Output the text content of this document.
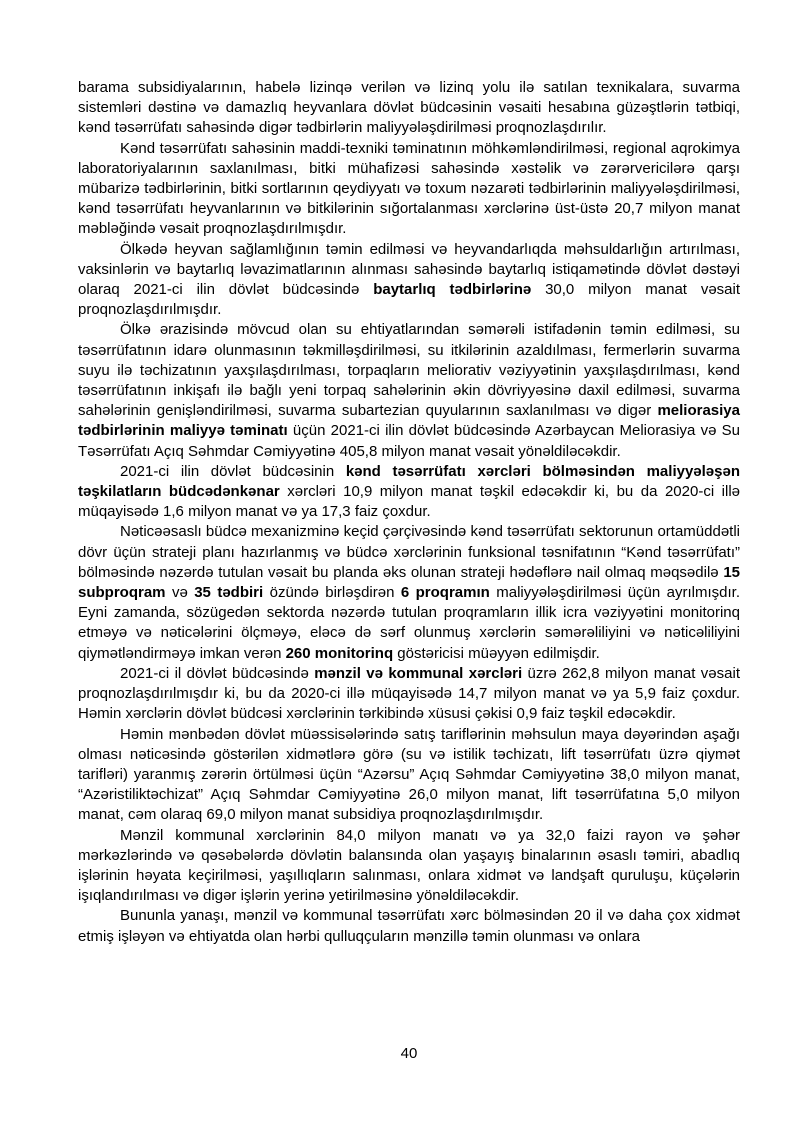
barama subsidiyalarının, habelə lizinqə verilən və lizinq yolu ilə satılan texnikalara, suvarma sistemləri dəstinə və damazlıq heyvanlara dövlət büdcəsinin vəsaiti hesabına güzəştlərin tətbiqi, kənd təsərrüfatı sahəsində digər tədbirlərin maliyyələşdirilməsi proqnozlaşdırılır.

Kənd təsərrüfatı sahəsinin maddi-texniki təminatının möhkəmləndirilməsi, regional aqrokimya laboratoriyalarının saxlanılması, bitki mühafizəsi sahəsində xəstəlik və zərərvericilərə qarşı mübarizə tədbirlərinin, bitki sortlarının qeydiyyatı və toxum nəzarəti tədbirlərinin maliyyələşdirilməsi, kənd təsərrüfatı heyvanlarının və bitkilərinin sığortalanması xərclərinə üst-üstə 20,7 milyon manat məbləğində vəsait proqnozlaşdırılmışdır.

Ölkədə heyvan sağlamlığının təmin edilməsi və heyvandarlıqda məhsuldarlığın artırılması, vaksinlərin və baytarlıq ləvazimatlarının alınması sahəsində baytarlıq istiqamətində dövlət dəstəyi olaraq 2021-ci ilin dövlət büdcəsində baytarlıq tədbirlərinə 30,0 milyon manat vəsait proqnozlaşdırılmışdır.

Ölkə ərazisində mövcud olan su ehtiyatlarından səmərəli istifadənin təmin edilməsi, su təsərrüfatının idarə olunmasının təkmilləşdirilməsi, su itkilərinin azaldılması, fermerlərin suvarma suyu ilə təchizatının yaxşılaşdırılması, torpaqların meliorativ vəziyyətinin yaxşılaşdırılması, kənd təsərrüfatının inkişafı ilə bağlı yeni torpaq sahələrinin əkin dövriyyəsinə daxil edilməsi, suvarma sahələrinin genişləndirilməsi, suvarma subartezian quyularının saxlanılması və digər meliorasiya tədbirlərinin maliyyə təminatı üçün 2021-ci ilin dövlət büdcəsində Azərbaycan Meliorasiya və Su Təsərrüfatı Açıq Səhmdar Cəmiyyətinə 405,8 milyon manat vəsait yönəldiləcəkdir.

2021-ci ilin dövlət büdcəsinin kənd təsərrüfatı xərcləri bölməsindən maliyyələşən təşkilatların büdcədənkənar xərcləri 10,9 milyon manat təşkil edəcəkdir ki, bu da 2020-ci illə müqayisədə 1,6 milyon manat və ya 17,3 faiz çoxdur.

Nəticəəsaslı büdcə mexanizminə keçid çərçivəsində kənd təsərrüfatı sektorunun ortamüddətli dövr üçün strateji planı hazırlanmış və büdcə xərclərinin funksional təsnifatının “Kənd təsərrüfatı” bölməsində nəzərdə tutulan vəsait bu planda əks olunan strateji hədəflərə nail olmaq məqsədilə 15 subproqram və 35 tədbiri özündə birləşdirən 6 proqramın maliyyələşdirilməsi üçün ayrılmışdır. Eyni zamanda, sözügedən sektorda nəzərdə tutulan proqramların illik icra vəziyyətini monitorinq etməyə və nəticələrini ölçməyə, eləcə də sərf olunmuş xərclərin səmərəliliyini və nəticəliliyini qiymətləndirməyə imkan verən 260 monitorinq göstəricisi müəyyən edilmişdir.

2021-ci il dövlət büdcəsində mənzil və kommunal xərcləri üzrə 262,8 milyon manat vəsait proqnozlaşdırılmışdır ki, bu da 2020-ci illə müqayisədə 14,7 milyon manat və ya 5,9 faiz çoxdur. Həmin xərclərin dövlət büdcəsi xərclərinin tərkibində xüsusi çəkisi 0,9 faiz təşkil edəcəkdir.

Həmin mənbədən dövlət müəssisələrində satış tariflərinin məhsulun maya dəyərindən aşağı olması nəticəsində göstərilən xidmətlərə görə (su və istilik təchizatı, lift təsərrüfatı üzrə qiymət tarifləri) yaranmış zərərin örtülməsi üçün “Azərsu” Açıq Səhmdar Cəmiyyətinə 38,0 milyon manat, “Azəristiliktəchizat” Açıq Səhmdar Cəmiyyətinə 26,0 milyon manat, lift təsərrüfatına 5,0 milyon manat, cəm olaraq 69,0 milyon manat subsidiya proqnozlaşdırılmışdır.

Mənzil kommunal xərclərinin 84,0 milyon manatı və ya 32,0 faizi rayon və şəhər mərkəzlərində və qəsəbələrdə dövlətin balansında olan yaşayış binalarının əsaslı təmiri, abadlıq işlərinin həyata keçirilməsi, yaşıllıqların salınması, onlara xidmət və landşaft quruluşu, küçələrin işıqlandırılması və digər işlərin yerinə yetirilməsinə yönəldiləcəkdir.

Bununla yanaşı, mənzil və kommunal təsərrüfatı xərc bölməsindən 20 il və daha çox xidmət etmiş işləyən və ehtiyatda olan hərbi qulluqçuların mənzillə təmin olunması və onlara

40
